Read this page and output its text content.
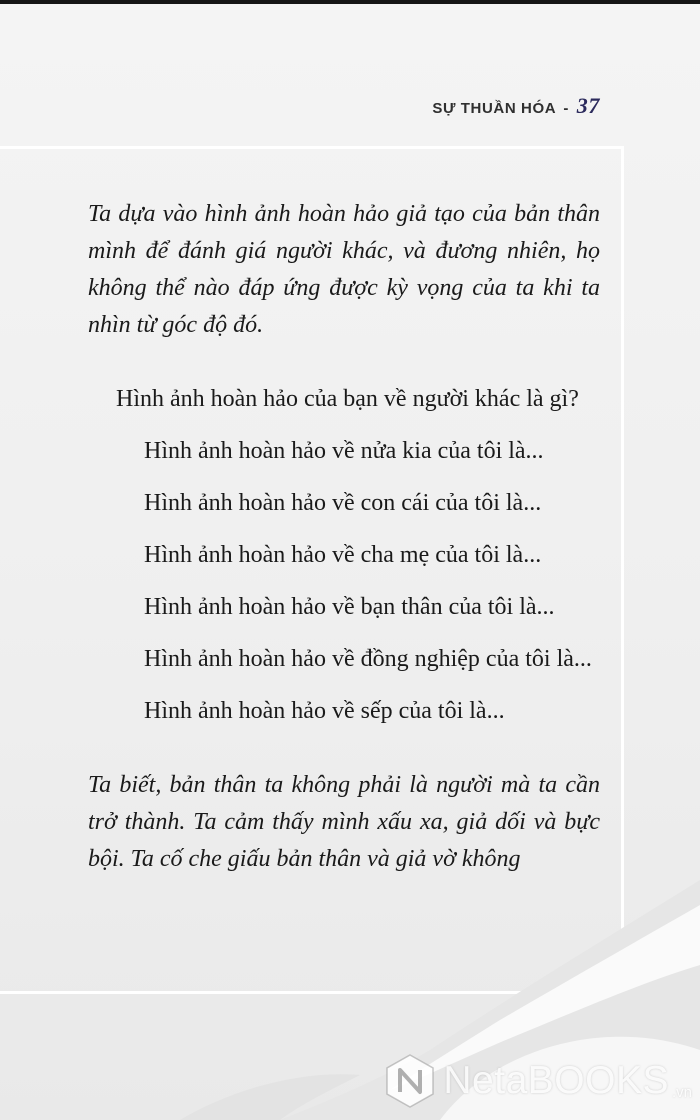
SỰ THUẦN HÓA - 37

Ta dựa vào hình ảnh hoàn hảo giả tạo của bản thân mình để đánh giá người khác, và đương nhiên, họ không thể nào đáp ứng được kỳ vọng của ta khi ta nhìn từ góc độ đó.

Hình ảnh hoàn hảo của bạn về người khác là gì?

Hình ảnh hoàn hảo về nửa kia của tôi là...

Hình ảnh hoàn hảo về con cái của tôi là...

Hình ảnh hoàn hảo về cha mẹ của tôi là...

Hình ảnh hoàn hảo về bạn thân của tôi là...

Hình ảnh hoàn hảo về đồng nghiệp của tôi là...

Hình ảnh hoàn hảo về sếp của tôi là...

Ta biết, bản thân ta không phải là người mà ta cần trở thành. Ta cảm thấy mình xấu xa, giả dối và bực bội. Ta cố che giấu bản thân và giả vờ không

NetaBOOKS .vn
